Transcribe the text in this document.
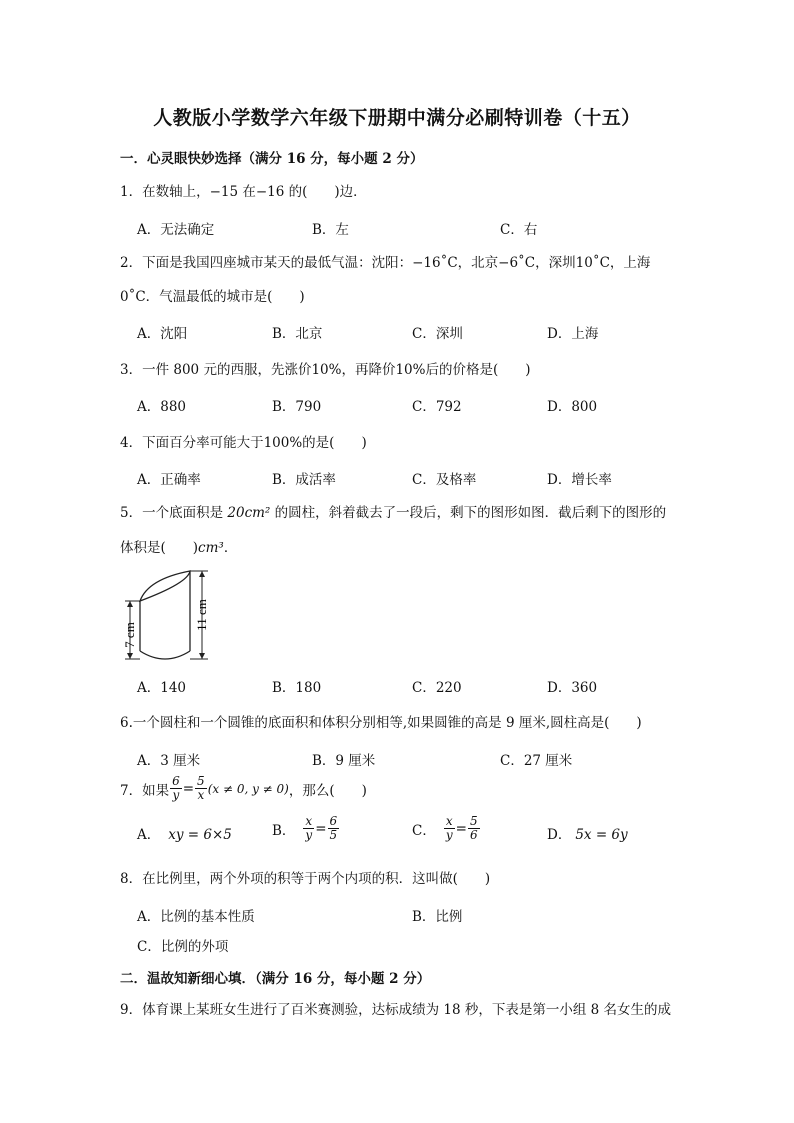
人教版小学数学六年级下册期中满分必刷特训卷（十五）
一．心灵眼快妙选择（满分 16 分，每小题 2 分）
1．在数轴上，−15 在−16 的(　　)边．
A．无法确定	B．左	C．右
2．下面是我国四座城市某天的最低气温：沈阳：−16˚C，北京−6˚C，深圳10˚C，上海
0˚C．气温最低的城市是(　　)
A．沈阳	B．北京	C．深圳	D．上海
3．一件 800 元的西服，先涨价10%，再降价10%后的价格是(　　)
A．880	B．790	C．792	D．800
4．下面百分率可能大于100%的是(　　)
A．正确率	B．成活率	C．及格率	D．增长率
5．一个底面积是 20cm² 的圆柱，斜着截去了一段后，剩下的图形如图．截后剩下的图形的
体积是(　　)cm³．
7 cm
11 cm
A．140	B．180	C．220	D．360
6.一个圆柱和一个圆锥的底面积和体积分别相等,如果圆锥的高是 9 厘米,圆柱高是(　　)
A．3 厘米	B．9 厘米	C．27 厘米
7．如果 $\frac{6}{y} = \frac{5}{x} (x \ne 0$, y ≠ 0) ，那么(　　)
A． xy = 6×5	B． $\frac{x}{y} = \frac{6}{5}$	C． $\frac{x}{y} = \frac{5}{6}$	D． 5x = 6y
8．在比例里，两个外项的积等于两个内项的积．这叫做(　　)
A．比例的基本性质	B．比例
C．比例的外项
二．温故知新细心填．（满分 16 分，每小题 2 分）
9．体育课上某班女生进行了百米赛测验，达标成绩为 18 秒，下表是第一小组 8 名女生的成
